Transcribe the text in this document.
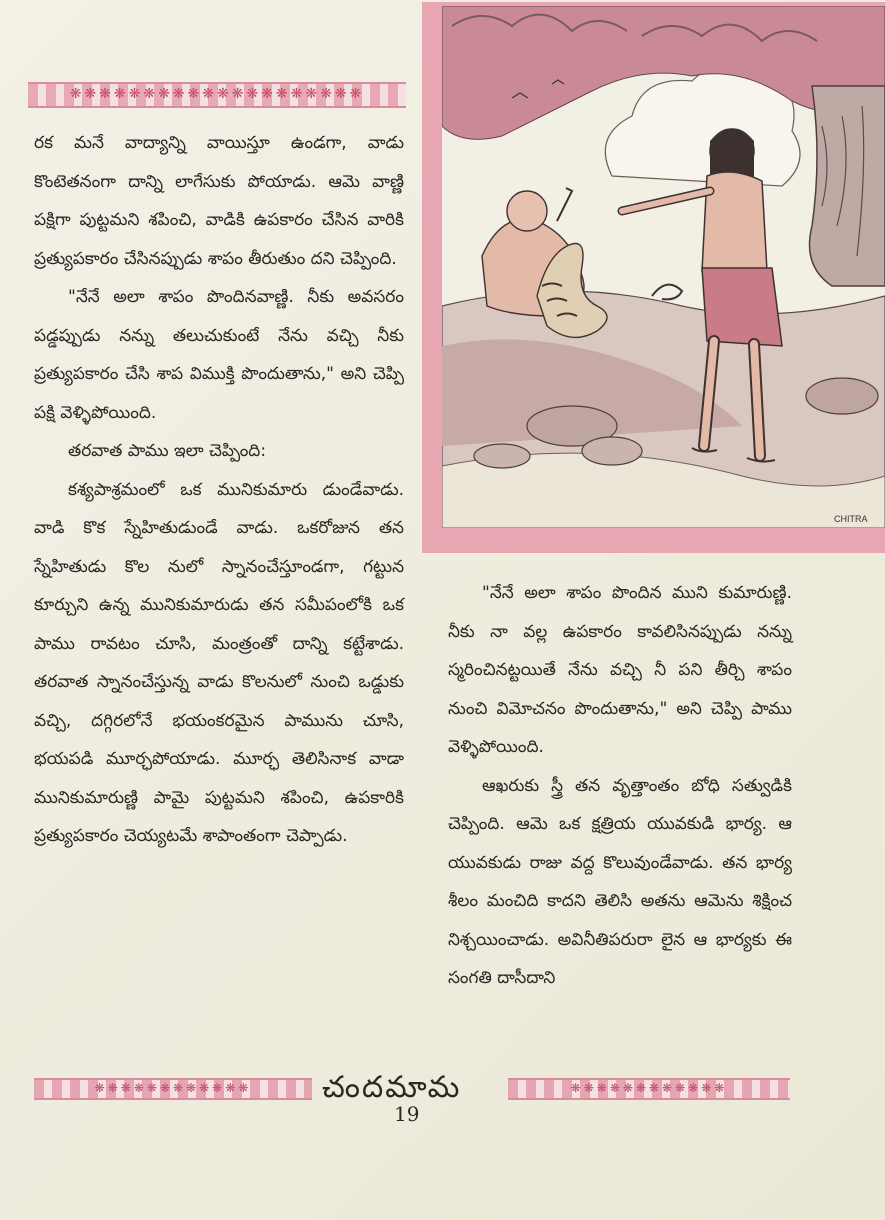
❋❋❋❋❋❋❋❋❋❋❋❋❋❋❋❋❋❋❋❋

రక మనే వాద్యాన్ని వాయిస్తూ ఉండగా, వాడు కొంటెతనంగా దాన్ని లాగేసుకు పోయాడు. ఆమె వాణ్ణి పక్షిగా పుట్టమని శపించి, వాడికి ఉపకారం చేసిన వారికి ప్రత్యుపకారం చేసినప్పుడు శాపం తీరుతుం దని చెప్పింది.

"నేనే అలా శాపం పొందినవాణ్ణి. నీకు అవసరం పడ్డప్పుడు నన్ను తలుచుకుంటే నేను వచ్చి నీకు ప్రత్యుపకారం చేసి శాప విముక్తి పొందుతాను," అని చెప్పి పక్షి వెళ్ళిపోయింది.

తరవాత పాము ఇలా చెప్పింది:

కశ్యపాశ్రమంలో ఒక మునికుమారు డుండేవాడు. వాడి కొక స్నేహితుడుండే వాడు. ఒకరోజున తన స్నేహితుడు కొల నులో స్నానంచేస్తూండగా, గట్టున కూర్చుని ఉన్న మునికుమారుడు తన సమీపంలోకి ఒక పాము రావటం చూసి, మంత్రంతో దాన్ని కట్టేశాడు. తరవాత స్నానంచేస్తున్న వాడు కొలనులో నుంచి ఒడ్డుకు వచ్చి, దగ్గిరలోనే భయంకరమైన పామును చూసి, భయపడి మూర్ఛపోయాడు. మూర్ఛ తెలిసినాక వాడా మునికుమారుణ్ణి పామై పుట్టమని శపించి, ఉపకారికి ప్రత్యుపకారం చెయ్యటమే శాపాంతంగా చెప్పాడు.

CHITRA

"నేనే అలా శాపం పొందిన ముని కుమారుణ్ణి. నీకు నా వల్ల ఉపకారం కావలిసినప్పుడు నన్ను స్మరించినట్టయితే నేను వచ్చి నీ పని తీర్చి శాపం నుంచి విమోచనం పొందుతాను," అని చెప్పి పాము వెళ్ళిపోయింది.

ఆఖరుకు స్త్రీ తన వృత్తాంతం బోధి సత్వుడికి చెప్పింది. ఆమె ఒక క్షత్రియ యువకుడి భార్య. ఆ యువకుడు రాజు వద్ద కొలువుండేవాడు. తన భార్య శీలం మంచిది కాదని తెలిసి అతను ఆమెను శిక్షించ నిశ్చయించాడు. అవినీతిపరురా లైన ఆ భార్యకు ఈ సంగతి దాసీదాని

❋❋❋❋❋❋❋❋❋❋❋❋	చందమామ	❋❋❋❋❋❋❋❋❋❋❋❋
19
